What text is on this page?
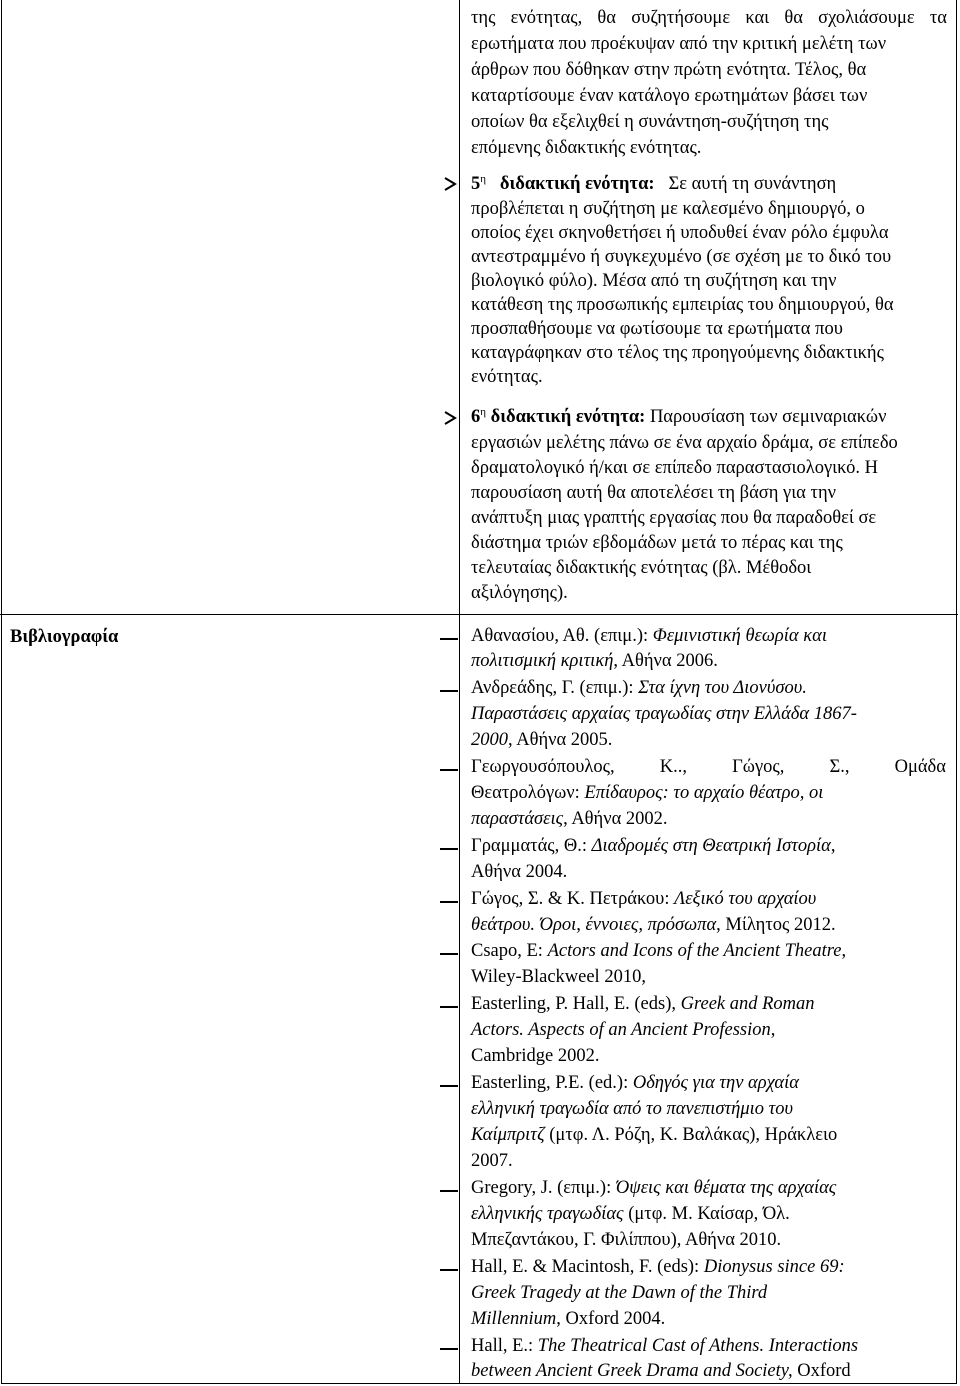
Βιβλιογραφία
της ενότητας, θα συζητήσουμε και θα σχολιάσουμε τα
ερωτήματα που προέκυψαν από την κριτική μελέτη των
άρθρων που δόθηκαν στην πρώτη ενότητα. Τέλος, θα
καταρτίσουμε έναν κατάλογο ερωτημάτων βάσει των
οποίων θα εξελιχθεί η συνάντηση-συζήτηση της
επόμενης διδακτικής ενότητας.
$5^\eta$ διδακτική ενότητα: Σε αυτή τη συνάντηση
προβλέπεται η συζήτηση με καλεσμένο δημιουργό, ο
οποίος έχει σκηνοθετήσει ή υποδυθεί έναν ρόλο έμφυλα
αντεστραμμένο ή συγκεχυμένο (σε σχέση με το δικό του
βιολογικό φύλο). Μέσα από τη συζήτηση και την
κατάθεση της προσωπικής εμπειρίας του δημιουργού, θα
προσπαθήσουμε να φωτίσουμε τα ερωτήματα που
καταγράφηκαν στο τέλος της προηγούμενης διδακτικής
ενότητας.
$6^\eta$ διδακτική ενότητα: Παρουσίαση των σεμιναριακών
εργασιών μελέτης πάνω σε ένα αρχαίο δράμα, σε επίπεδο
δραματολογικό ή/και σε επίπεδο παραστασιολογικό. Η
παρουσίαση αυτή θα αποτελέσει τη βάση για την
ανάπτυξη μιας γραπτής εργασίας που θα παραδοθεί σε
διάστημα τριών εβδομάδων μετά το πέρας και της
τελευταίας διδακτικής ενότητας (βλ. Μέθοδοι
αξιλόγησης).
Αθανασίου, Αθ. (επιμ.): Φεμινιστική θεωρία και
πολιτισμική κριτική, Αθήνα 2006.
Ανδρεάδης, Γ. (επιμ.): Στα ίχνη του Διονύσου.
Παραστάσεις αρχαίας τραγωδίας στην Ελλάδα 1867-
2000, Αθήνα 2005.
Γεωργουσόπουλος, Κ.., Γώγος, Σ., Ομάδα
Θεατρολόγων: Επίδαυρος: το αρχαίο θέατρο, οι
παραστάσεις, Αθήνα 2002.
Γραμματάς, Θ.: Διαδρομές στη Θεατρική Ιστορία,
Αθήνα 2004.
Γώγος, Σ. & Κ. Πετράκου: Λεξικό του αρχαίου
θεάτρου. Όροι, έννοιες, πρόσωπα, Μίλητος 2012.
Csapo, E: Actors and Icons of the Ancient Theatre,
Wiley-Blackweel 2010,
Easterling, P. Hall, E. (eds), Greek and Roman
Actors. Aspects of an Ancient Profession,
Cambridge 2002.
Easterling, P.E. (ed.): Οδηγός για την αρχαία
ελληνική τραγωδία από το πανεπιστήμιο του
Καίμπριτζ (μτφ. Λ. Ρόζη, Κ. Βαλάκας), Ηράκλειο
2007.
Gregory, J. (επιμ.): Όψεις και θέματα της αρχαίας
ελληνικής τραγωδίας (μτφ. Μ. Καίσαρ, Όλ.
Μπεζαντάκου, Γ. Φιλίππου), Αθήνα 2010.
Hall, E. & Macintosh, F. (eds): Dionysus since 69:
Greek Tragedy at the Dawn of the Third
Millennium, Oxford 2004.
Hall, E.: The Theatrical Cast of Athens. Interactions
between Ancient Greek Drama and Society, Oxford
